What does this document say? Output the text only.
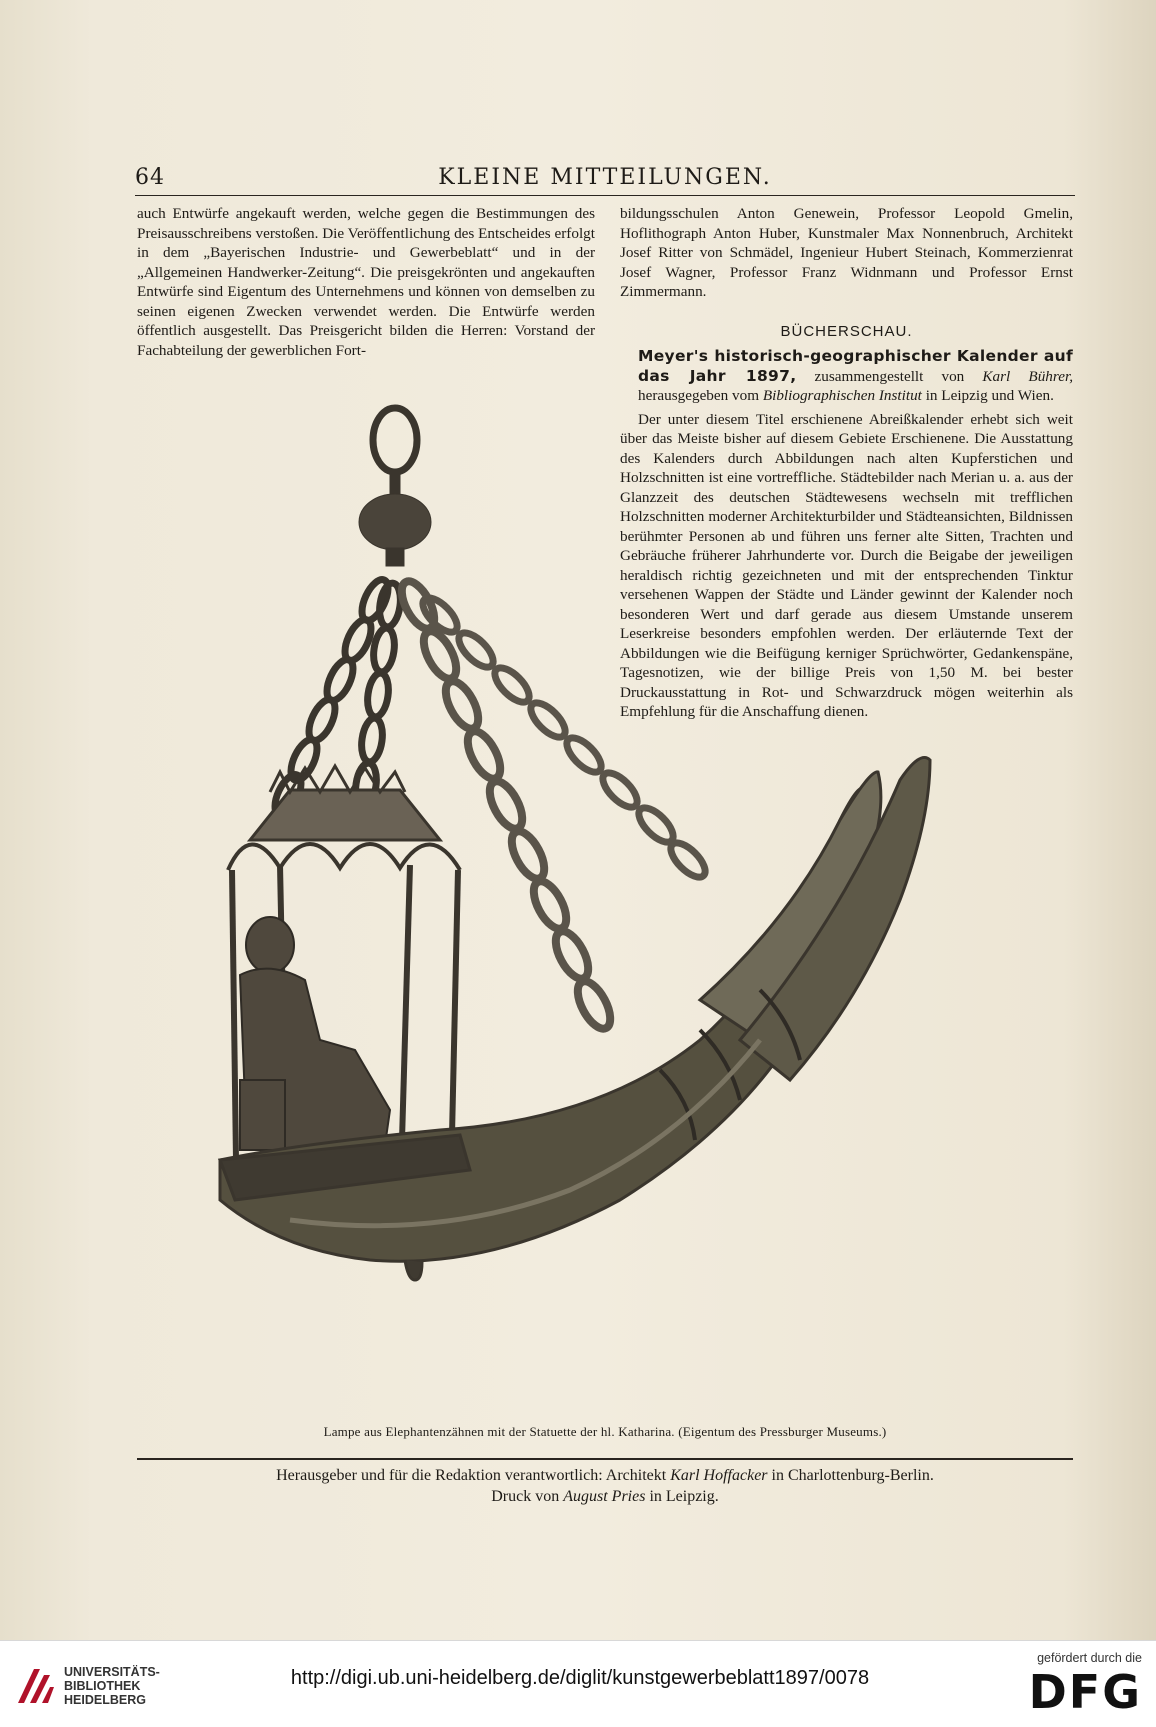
64	KLEINE MITTEILUNGEN.

auch Entwürfe angekauft werden, welche gegen die Bestimmungen des Preisausschreibens verstoßen. Die Veröffentlichung des Entscheides erfolgt in dem „Bayerischen Industrie- und Gewerbeblatt“ und in der „Allgemeinen Handwerker-Zeitung“. Die preisgekrönten und angekauften Entwürfe sind Eigentum des Unternehmens und können von demselben zu seinen eigenen Zwecken verwendet werden. Die Entwürfe werden öffentlich ausgestellt. Das Preisgericht bilden die Herren: Vorstand der Fachabteilung der gewerblichen Fort-

bildungsschulen Anton Genewein, Professor Leopold Gmelin, Hoflithograph Anton Huber, Kunstmaler Max Nonnenbruch, Architekt Josef Ritter von Schmädel, Ingenieur Hubert Steinach, Kommerzienrat Josef Wagner, Professor Franz Widnmann und Professor Ernst Zimmermann.

BÜCHERSCHAU.

Meyer's historisch-geographischer Kalender auf das Jahr 1897, zusammengestellt von Karl Bührer, herausgegeben vom Bibliographischen Institut in Leipzig und Wien.

Der unter diesem Titel erschienene Abreißkalender erhebt sich weit über das Meiste bisher auf diesem Gebiete Erschienene. Die Ausstattung des Kalenders durch Abbildungen nach alten Kupferstichen und Holzschnitten ist eine vortreffliche. Städtebilder nach Merian u. a. aus der Glanzzeit des deutschen Städtewesens wechseln mit trefflichen Holzschnitten moderner Architekturbilder und Städteansichten, Bildnissen berühmter Personen ab und führen uns ferner alte Sitten, Trachten und Gebräuche früherer Jahrhunderte vor. Durch die Beigabe der jeweiligen heraldisch richtig gezeichneten und mit der entsprechenden Tinktur versehenen Wappen der Städte und Länder gewinnt der Kalender noch besonderen Wert und darf gerade aus diesem Umstande unserem Leserkreise besonders empfohlen werden. Der erläuternde Text der Abbildungen wie die Beifügung kerniger Sprüchwörter, Gedankenspäne, Tagesnotizen, wie der billige Preis von 1,50 M. bei bester Druckausstattung in Rot- und Schwarzdruck mögen weiterhin als Empfehlung für die Anschaffung dienen.

Lampe aus Elephantenzähnen mit der Statuette der hl. Katharina. (Eigentum des Pressburger Museums.)
Herausgeber und für die Redaktion verantwortlich: Architekt Karl Hoffacker in Charlottenburg-Berlin.
Druck von August Pries in Leipzig.
UNIVERSITÄTS-
BIBLIOTHEK
HEIDELBERG
http://digi.ub.uni-heidelberg.de/diglit/kunstgewerbeblatt1897/0078
gefördert durch die
DFG
